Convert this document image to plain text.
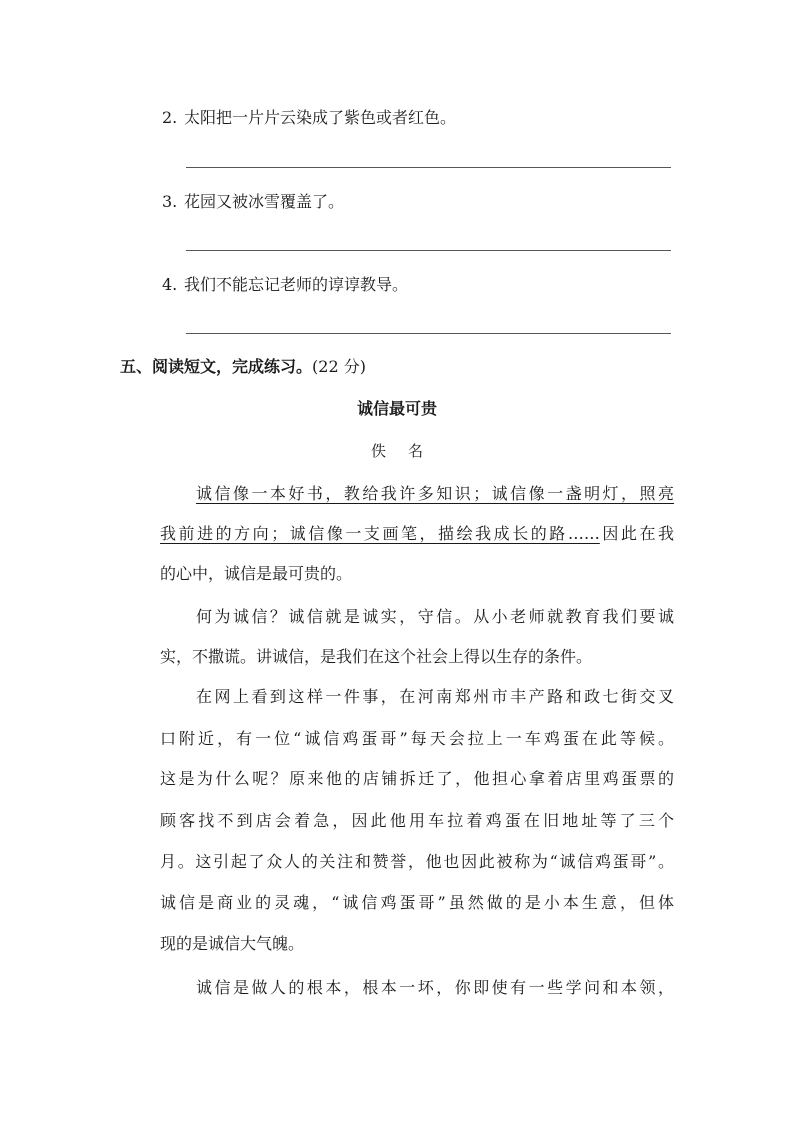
2. 太阳把一片片云染成了紫色或者红色。
3. 花园又被冰雪覆盖了。
4. 我们不能忘记老师的谆谆教导。
五、阅读短文，完成练习。(22 分)
诚信最可贵
佚名
诚信像一本好书，教给我许多知识；诚信像一盏明灯，照亮
我前进的方向；诚信像一支画笔，描绘我成长的路……因此在我
的心中，诚信是最可贵的。
何为诚信？诚信就是诚实，守信。从小老师就教育我们要诚
实，不撒谎。讲诚信，是我们在这个社会上得以生存的条件。
在网上看到这样一件事，在河南郑州市丰产路和政七街交叉
口附近，有一位“诚信鸡蛋哥”每天会拉上一车鸡蛋在此等候。
这是为什么呢？原来他的店铺拆迁了，他担心拿着店里鸡蛋票的
顾客找不到店会着急，因此他用车拉着鸡蛋在旧地址等了三个
月。这引起了众人的关注和赞誉，他也因此被称为“诚信鸡蛋哥”。
诚信是商业的灵魂，“诚信鸡蛋哥”虽然做的是小本生意，但体
现的是诚信大气魄。
诚信是做人的根本，根本一坏，你即使有一些学问和本领，
